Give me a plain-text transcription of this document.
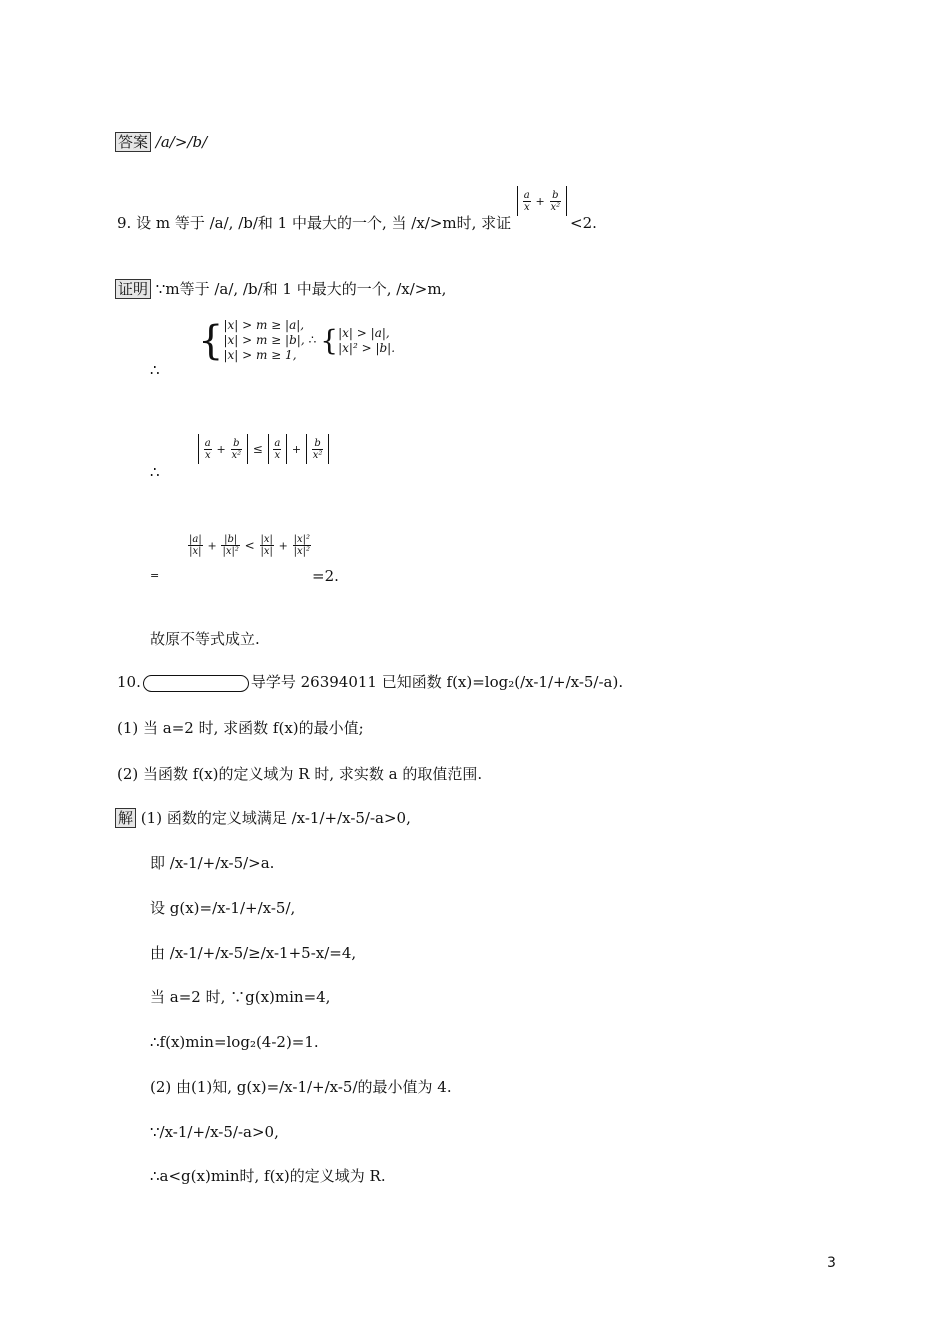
答案 /a/>/b/
9. 设 m 等于 /a/, /b/和 1 中最大的一个, 当 /x/>m时, 求证

$\frac{a}{x} + \frac{b}{\text{x²}}$

<2.
证明 ∵m等于 /a/, /b/和 1 中最大的一个, /x/>m,
∴
{ |x| > m ≥ |a|,
|x| > m ≥ |b|,
|x| > m ≥ 1,
∴ { |x| > |a|,
|x|² > |b|.
∴

$\frac{a}{x} + \frac{b}{\text{x²}} \le \frac{a}{x} + \frac{b}{\text{x²}}$

=
$\frac{|a|}{|x|} + \frac{|b|}{\text{|x|²}} < \frac{|x|}{|x|} + \frac{\text{|x|²}}{\text{|x|²}}$
=2.
故原不等式成立.
10.	导学号 26394011 已知函数 f(x)=log₂(/x-1/+/x-5/-a).
(1) 当 a=2 时, 求函数 f(x)的最小值;
(2) 当函数 f(x)的定义域为 R 时, 求实数 a 的取值范围.
解 (1) 函数的定义域满足 /x-1/+/x-5/-a>0,
即 /x-1/+/x-5/>a.
设 g(x)=/x-1/+/x-5/,
由 /x-1/+/x-5/≥/x-1+5-x/=4,
当 a=2 时, ∵g(x)min=4,
∴f(x)min=log₂(4-2)=1.
(2) 由(1)知, g(x)=/x-1/+/x-5/的最小值为 4.
∵/x-1/+/x-5/-a>0,
∴a<g(x)min时, f(x)的定义域为 R.
3
